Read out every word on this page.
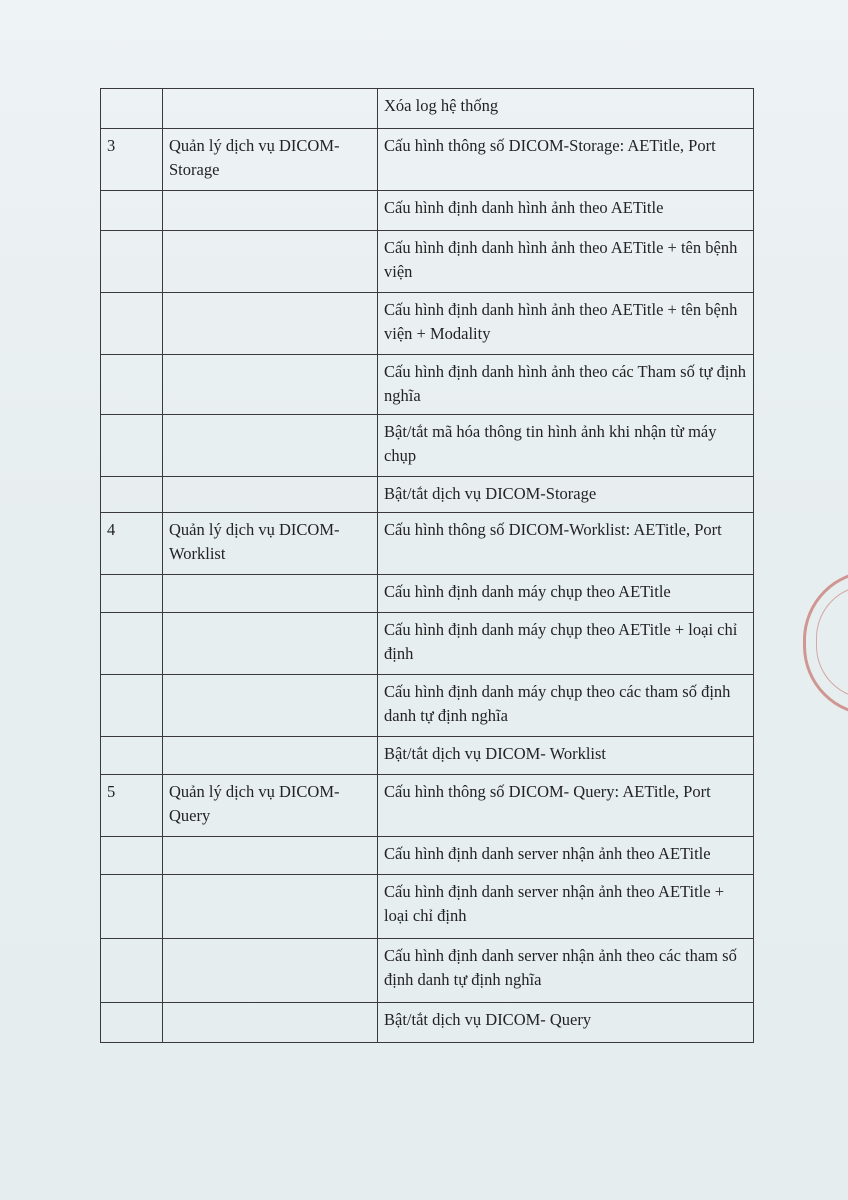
		Xóa log hệ thống
3	Quản lý dịch vụ DICOM-Storage	Cấu hình thông số DICOM-Storage: AETitle, Port
		Cấu hình định danh hình ảnh theo AETitle
		Cấu hình định danh hình ảnh theo AETitle + tên bệnh viện
		Cấu hình định danh hình ảnh theo AETitle + tên bệnh viện + Modality
		Cấu hình định danh hình ảnh theo các Tham số tự định nghĩa
		Bật/tắt mã hóa thông tin hình ảnh khi nhận từ máy chụp
		Bật/tắt dịch vụ DICOM-Storage
4	Quản lý dịch vụ DICOM-Worklist	Cấu hình thông số DICOM-Worklist: AETitle, Port
		Cấu hình định danh máy chụp theo AETitle
		Cấu hình định danh máy chụp theo AETitle + loại chỉ định
		Cấu hình định danh máy chụp theo các tham số định danh tự định nghĩa
		Bật/tắt dịch vụ DICOM- Worklist
5	Quản lý dịch vụ DICOM-Query	Cấu hình thông số DICOM- Query: AETitle, Port
		Cấu hình định danh server nhận ảnh theo AETitle
		Cấu hình định danh server nhận ảnh theo AETitle + loại chỉ định
		Cấu hình định danh server nhận ảnh theo các tham số định danh tự định nghĩa
		Bật/tắt dịch vụ DICOM- Query
